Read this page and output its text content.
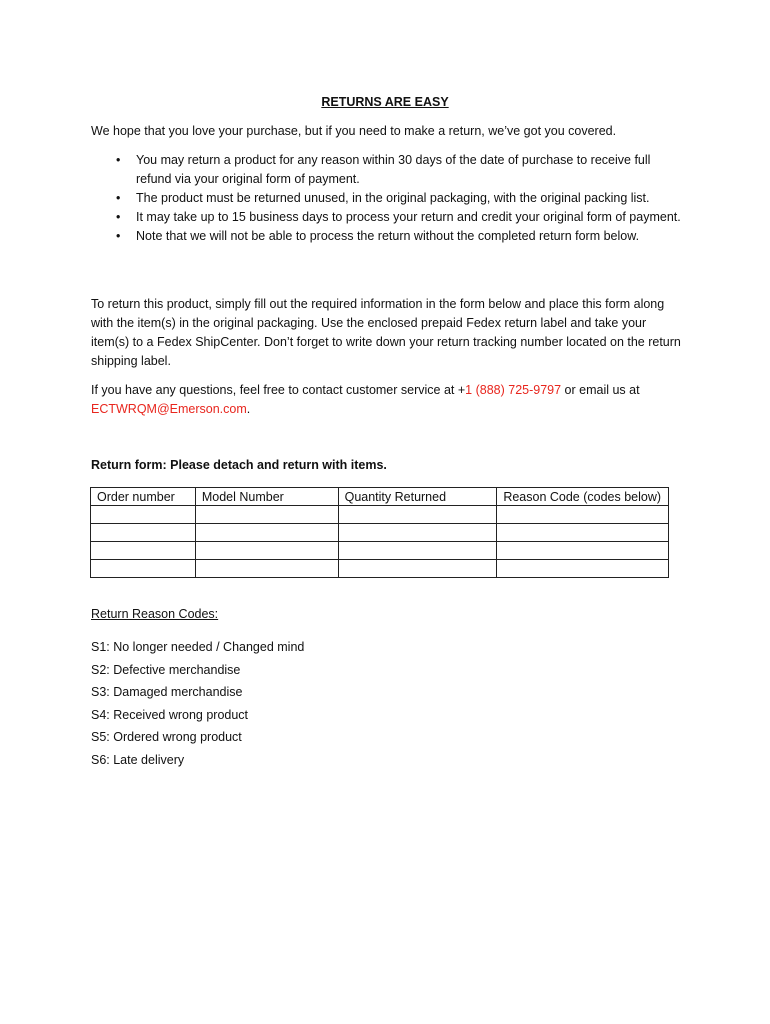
RETURNS ARE EASY
We hope that you love your purchase, but if you need to make a return, we’ve got you covered.
• You may return a product for any reason within 30 days of the date of purchase to receive full refund via your original form of payment.
• The product must be returned unused, in the original packaging, with the original packing list.
• It may take up to 15 business days to process your return and credit your original form of payment.
• Note that we will not be able to process the return without the completed return form below.
To return this product, simply fill out the required information in the form below and place this form along with the item(s) in the original packaging. Use the enclosed prepaid Fedex return label and take your item(s) to a Fedex ShipCenter. Don’t forget to write down your return tracking number located on the return shipping label.
If you have any questions, feel free to contact customer service at +1 (888) 725-9797 or email us at
ECTWRQM@Emerson.com.
Return form: Please detach and return with items.
Order number	Model Number	Quantity Returned	Reason Code (codes below)

Return Reason Codes:
S1: No longer needed / Changed mind
S2: Defective merchandise
S3: Damaged merchandise
S4: Received wrong product
S5: Ordered wrong product
S6: Late delivery
